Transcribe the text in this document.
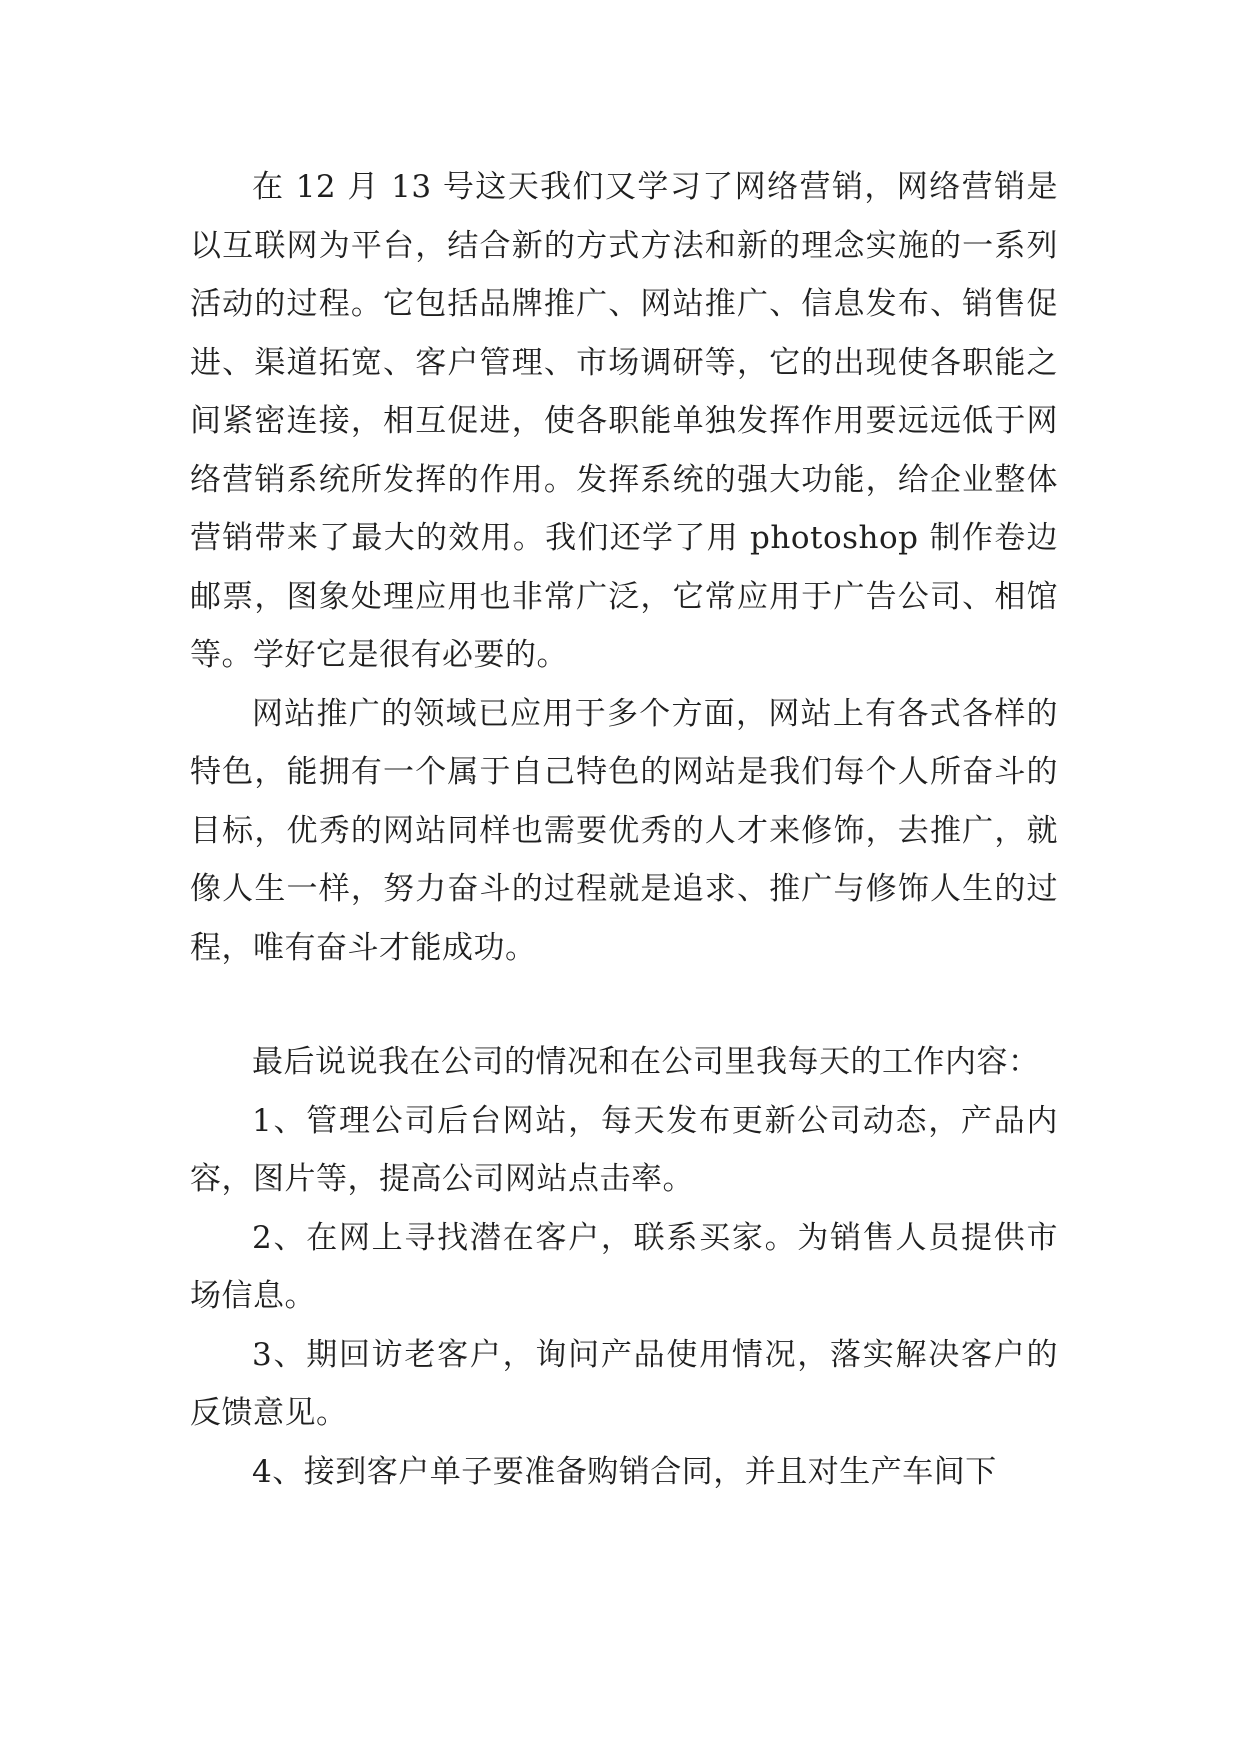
在 12 月 13 号这天我们又学习了网络营销，网络营销是以互联网为平台，结合新的方式方法和新的理念实施的一系列活动的过程。它包括品牌推广、网站推广、信息发布、销售促进、渠道拓宽、客户管理、市场调研等，它的出现使各职能之间紧密连接，相互促进，使各职能单独发挥作用要远远低于网络营销系统所发挥的作用。发挥系统的强大功能，给企业整体营销带来了最大的效用。我们还学了用 photoshop 制作卷边邮票，图象处理应用也非常广泛，它常应用于广告公司、相馆等。学好它是很有必要的。

网站推广的领域已应用于多个方面，网站上有各式各样的特色，能拥有一个属于自己特色的网站是我们每个人所奋斗的目标，优秀的网站同样也需要优秀的人才来修饰，去推广，就像人生一样，努力奋斗的过程就是追求、推广与修饰人生的过程，唯有奋斗才能成功。

最后说说我在公司的情况和在公司里我每天的工作内容：

1、管理公司后台网站，每天发布更新公司动态，产品内容，图片等，提高公司网站点击率。

2、在网上寻找潜在客户，联系买家。为销售人员提供市场信息。

3、期回访老客户，询问产品使用情况，落实解决客户的反馈意见。

4、接到客户单子要准备购销合同，并且对生产车间下
